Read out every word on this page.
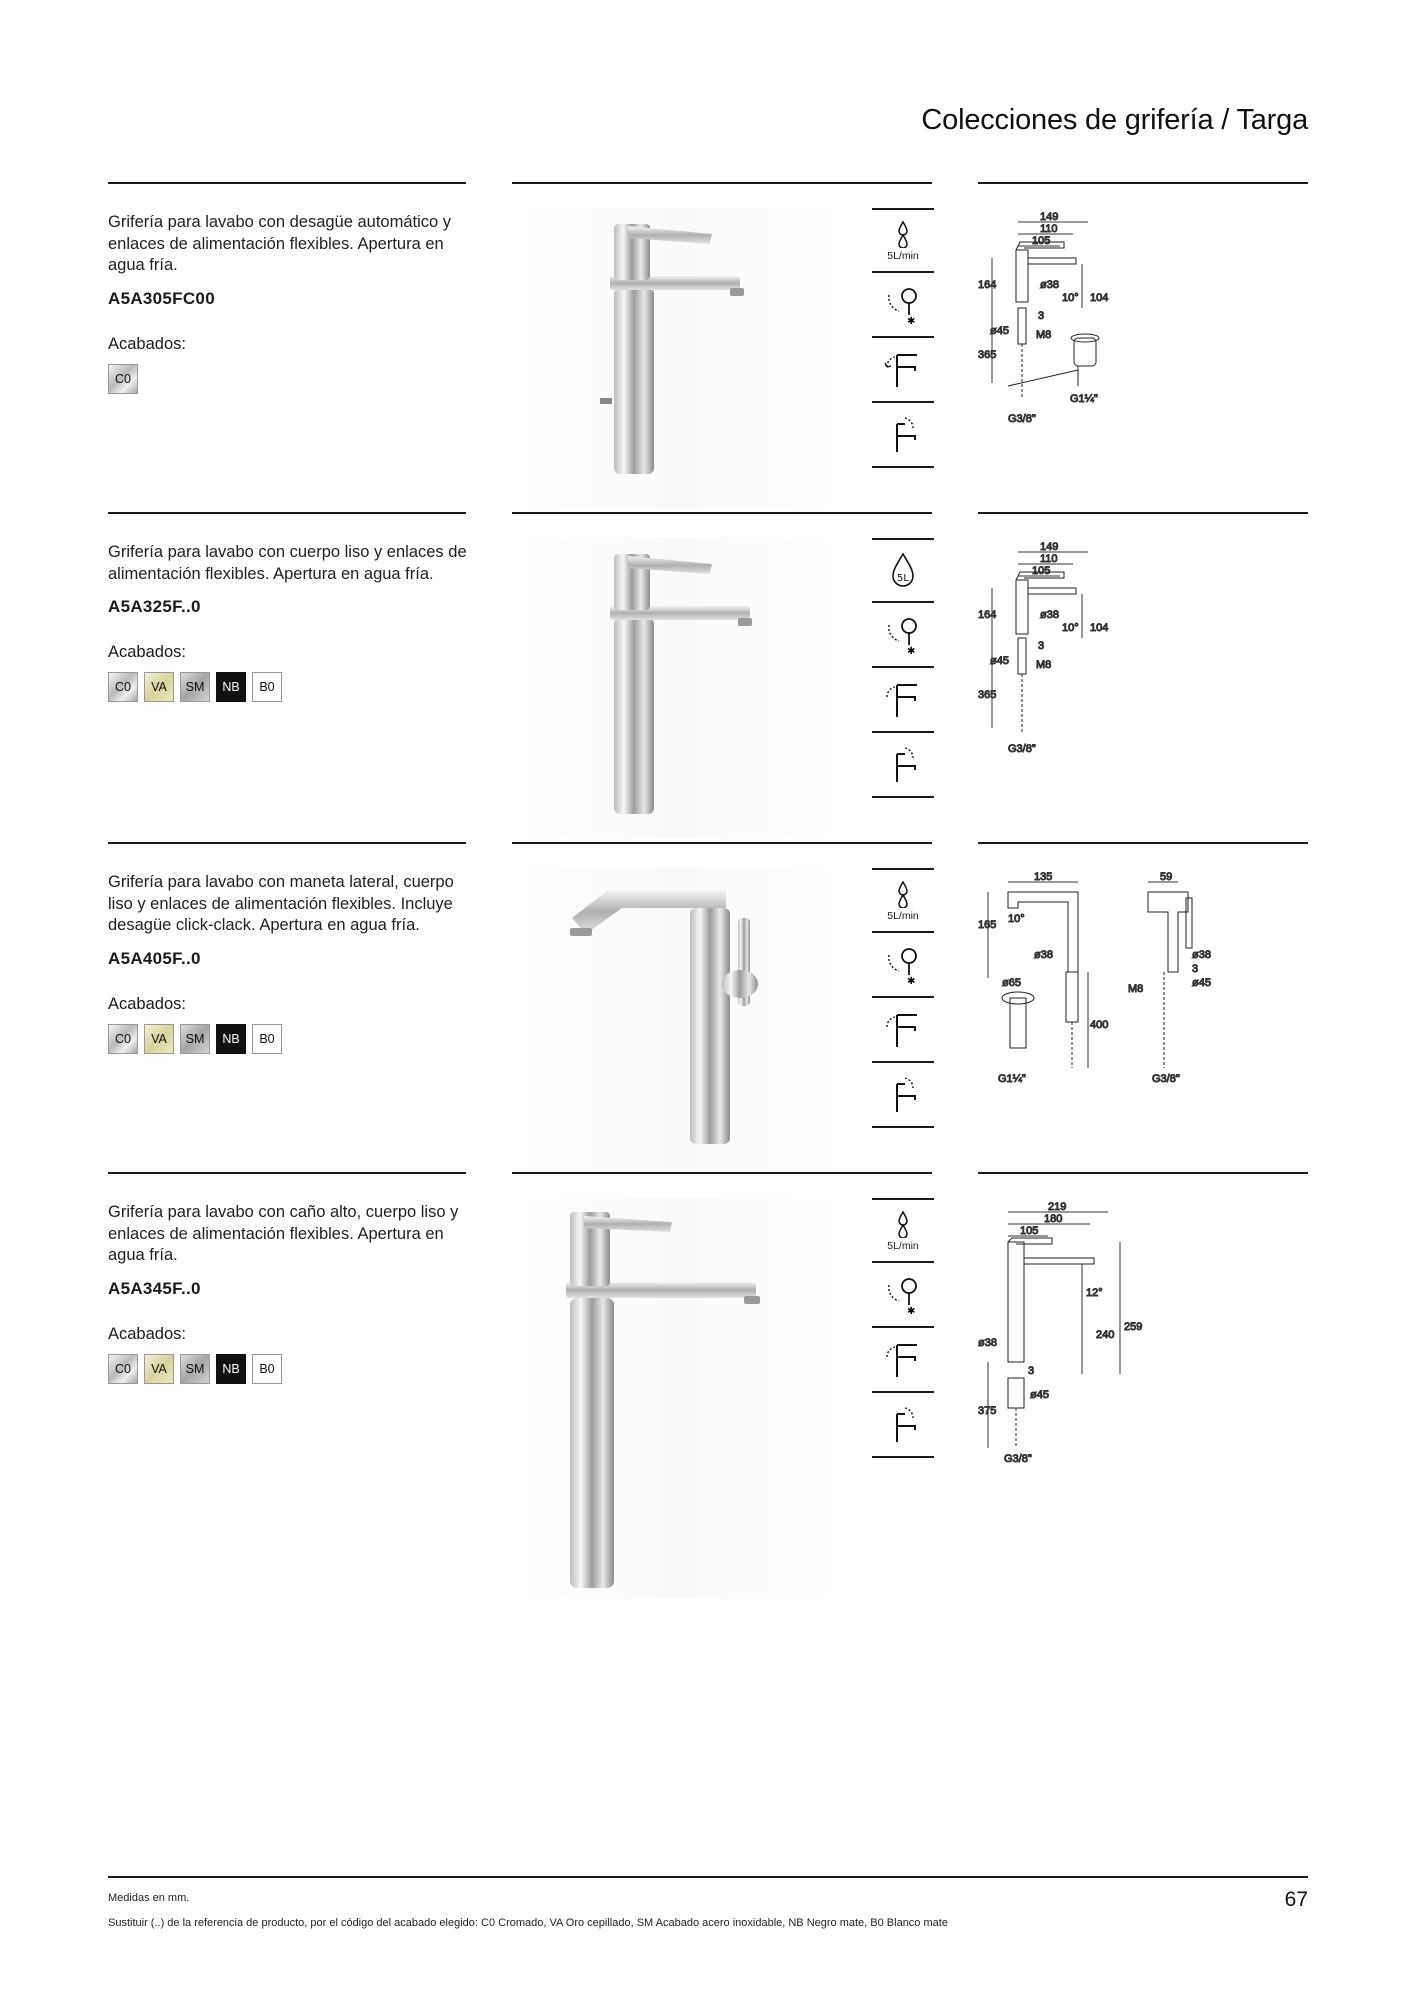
Colecciones de grifería / Targa

Grifería para lavabo con desagüe automático y enlaces de alimentación flexibles. Apertura en agua fría.

A5A305FC00

Acabados:

C0
5L/min
✱
149
110
105
164
365
ø38
10° 104
3
ø45 M8
G3/8"
G1¼"

Grifería para lavabo con cuerpo liso y enlaces de alimentación flexibles. Apertura en agua fría.

A5A325F..0

Acabados:

C0	VA	SM	NB	B0
5L
✱
149
110
105
164
365
ø38
10° 104
3
ø45 M8
G3/8"

Grifería para lavabo con maneta lateral, cuerpo liso y enlaces de alimentación flexibles. Incluye desagüe click-clack. Apertura en agua fría.

A5A405F..0

Acabados:

C0	VA	SM	NB	B0
5L/min
✱
135	59
165 10°
ø38
400
ø65
G1¼"
ø38
3
ø45
M8
G3/8"

Grifería para lavabo con caño alto, cuerpo liso y enlaces de alimentación flexibles. Apertura en agua fría.

A5A345F..0

Acabados:

C0	VA	SM	NB	B0
5L/min
✱
219
180
105
12°
240
259
ø38
3
ø45
375
G3/8"

Medidas en mm.

Sustituir (..) de la referencia de producto, por el código del acabado elegido: C0 Cromado, VA Oro cepillado, SM Acabado acero inoxidable, NB Negro mate, B0 Blanco mate

67
